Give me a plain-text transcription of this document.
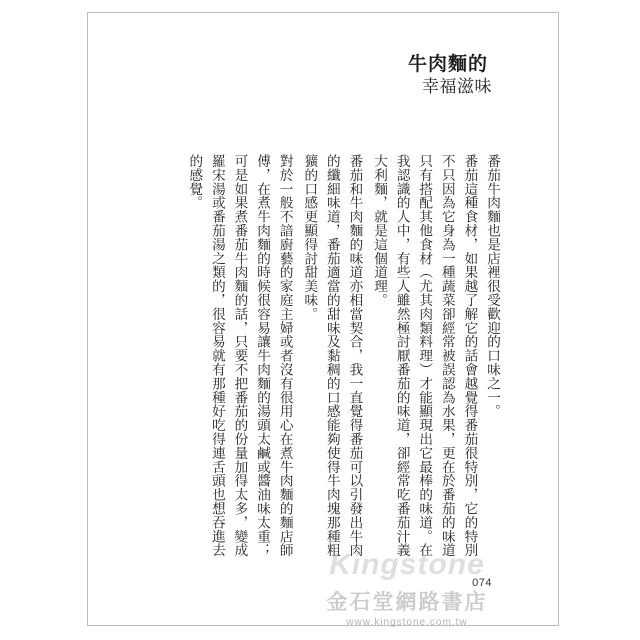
牛肉麵的
幸福滋味

番茄牛肉麵也是店裡很受歡迎的口味之一。

番茄這種食材，如果越了解它的話會越覺得番茄很特別，它的特別不只因為它身為一種蔬菜卻經常被誤認為水果，更在於番茄的味道只有搭配其他食材（尤其肉類料理）才能顯現出它最棒的味道。在我認識的人中，有些人雖然極討厭番茄的味道，卻經常吃番茄汁義大利麵，就是這個道理。

番茄和牛肉麵的味道亦相當契合，我一直覺得番茄可以引發出牛肉的纖細味道，番茄適當的甜味及黏稠的口感能夠使得牛肉塊那種粗獷的口感更顯得討甜美味。

對於一般不諳廚藝的家庭主婦或者沒有很用心在煮牛肉麵的麵店師傅，在煮牛肉麵的時候很容易讓牛肉麵的湯頭太鹹或醬油味太重；可是如果煮番茄牛肉麵的話，只要不把番茄的份量加得太多，變成羅宋湯或番茄湯之類的，很容易就有那種好吃得連舌頭也想吞進去的感覺。

074
Kingstone
金石堂網路書店
www.kingstone.com.tw
